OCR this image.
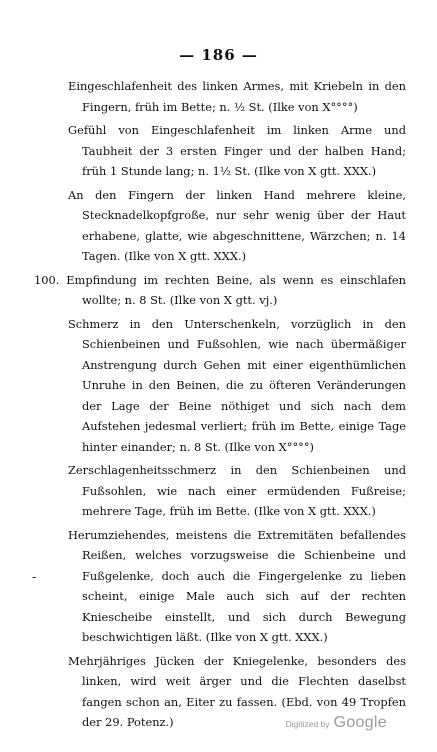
— 186 —

Eingeschlafenheit des linken Armes, mit Kriebeln in den Fingern, früh im Bette; n. ½ St. (Ilke von X°°°°)

Gefühl von Eingeschlafenheit im linken Arme und Taubheit der 3 ersten Finger und der halben Hand; früh 1 Stunde lang; n. 1½ St. (Ilke von X gtt. XXX.)

An den Fingern der linken Hand mehrere kleine, Stecknadelkopfgroße, nur sehr wenig über der Haut erhabene, glatte, wie abgeschnittene, Wärzchen; n. 14 Tagen. (Ilke von X gtt. XXX.)

100. Empfindung im rechten Beine, als wenn es einschlafen wollte; n. 8 St. (Ilke von X gtt. vj.)

Schmerz in den Unterschenkeln, vorzüglich in den Schienbeinen und Fußsohlen, wie nach übermäßiger Anstrengung durch Gehen mit einer eigenthümlichen Unruhe in den Beinen, die zu öfteren Veränderungen der Lage der Beine nöthiget und sich nach dem Aufstehen jedesmal verliert; früh im Bette, einige Tage hinter einander; n. 8 St. (Ilke von X°°°°)

Zerschlagenheitsschmerz in den Schienbeinen und Fußsohlen, wie nach einer ermüdenden Fußreise; mehrere Tage, früh im Bette. (Ilke von X gtt. XXX.)

-
Herumziehendes, meistens die Extremitäten befallendes Reißen, welches vorzugsweise die Schienbeine und Fußgelenke, doch auch die Fingergelenke zu lieben scheint, einige Male auch sich auf der rechten Kniescheibe einstellt, und sich durch Bewegung beschwichtigen läßt. (Ilke von X gtt. XXX.)

Mehrjähriges Jücken der Kniegelenke, besonders des linken, wird weit ärger und die Flechten daselbst fangen schon an, Eiter zu fassen. (Ebd. von 49 Tropfen der 29. Potenz.)	Digitized by Google
